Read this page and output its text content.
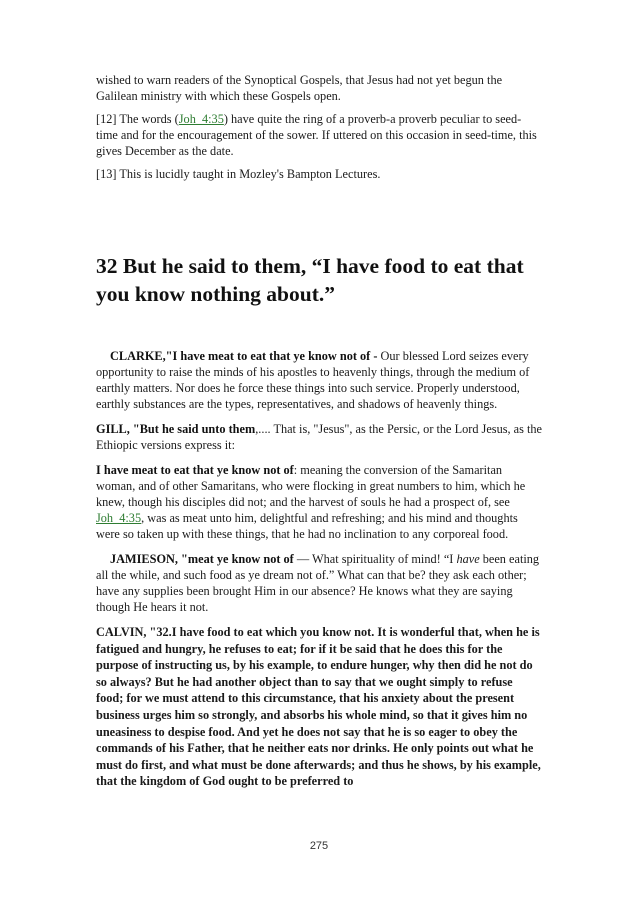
wished to warn readers of the Synoptical Gospels, that Jesus had not yet begun the Galilean ministry with which these Gospels open.

[12] The words (Joh_4:35) have quite the ring of a proverb-a proverb peculiar to seed-time and for the encouragement of the sower. If uttered on this occasion in seed-time, this gives December as the date.

[13] This is lucidly taught in Mozley's Bampton Lectures.

32 But he said to them, “I have food to eat that you know nothing about.”

CLARKE,"I have meat to eat that ye know not of - Our blessed Lord seizes every opportunity to raise the minds of his apostles to heavenly things, through the medium of earthly matters. Nor does he force these things into such service. Properly understood, earthly substances are the types, representatives, and shadows of heavenly things.

GILL, "But he said unto them,.... That is, "Jesus", as the Persic, or the Lord Jesus, as the Ethiopic versions express it:

I have meat to eat that ye know not of: meaning the conversion of the Samaritan woman, and of other Samaritans, who were flocking in great numbers to him, which he knew, though his disciples did not; and the harvest of souls he had a prospect of, see Joh_4:35, was as meat unto him, delightful and refreshing; and his mind and thoughts were so taken up with these things, that he had no inclination to any corporeal food.

JAMIESON, "meat ye know not of — What spirituality of mind! “I have been eating all the while, and such food as ye dream not of.” What can that be? they ask each other; have any supplies been brought Him in our absence? He knows what they are saying though He hears it not.

CALVIN, "32.I have food to eat which you know not. It is wonderful that, when he is fatigued and hungry, he refuses to eat; for if it be said that he does this for the purpose of instructing us, by his example, to endure hunger, why then did he not do so always? But he had another object than to say that we ought simply to refuse food; for we must attend to this circumstance, that his anxiety about the present business urges him so strongly, and absorbs his whole mind, so that it gives him no uneasiness to despise food. And yet he does not say that he is so eager to obey the commands of his Father, that he neither eats nor drinks. He only points out what he must do first, and what must be done afterwards; and thus he shows, by his example, that the kingdom of God ought to be preferred to

275
